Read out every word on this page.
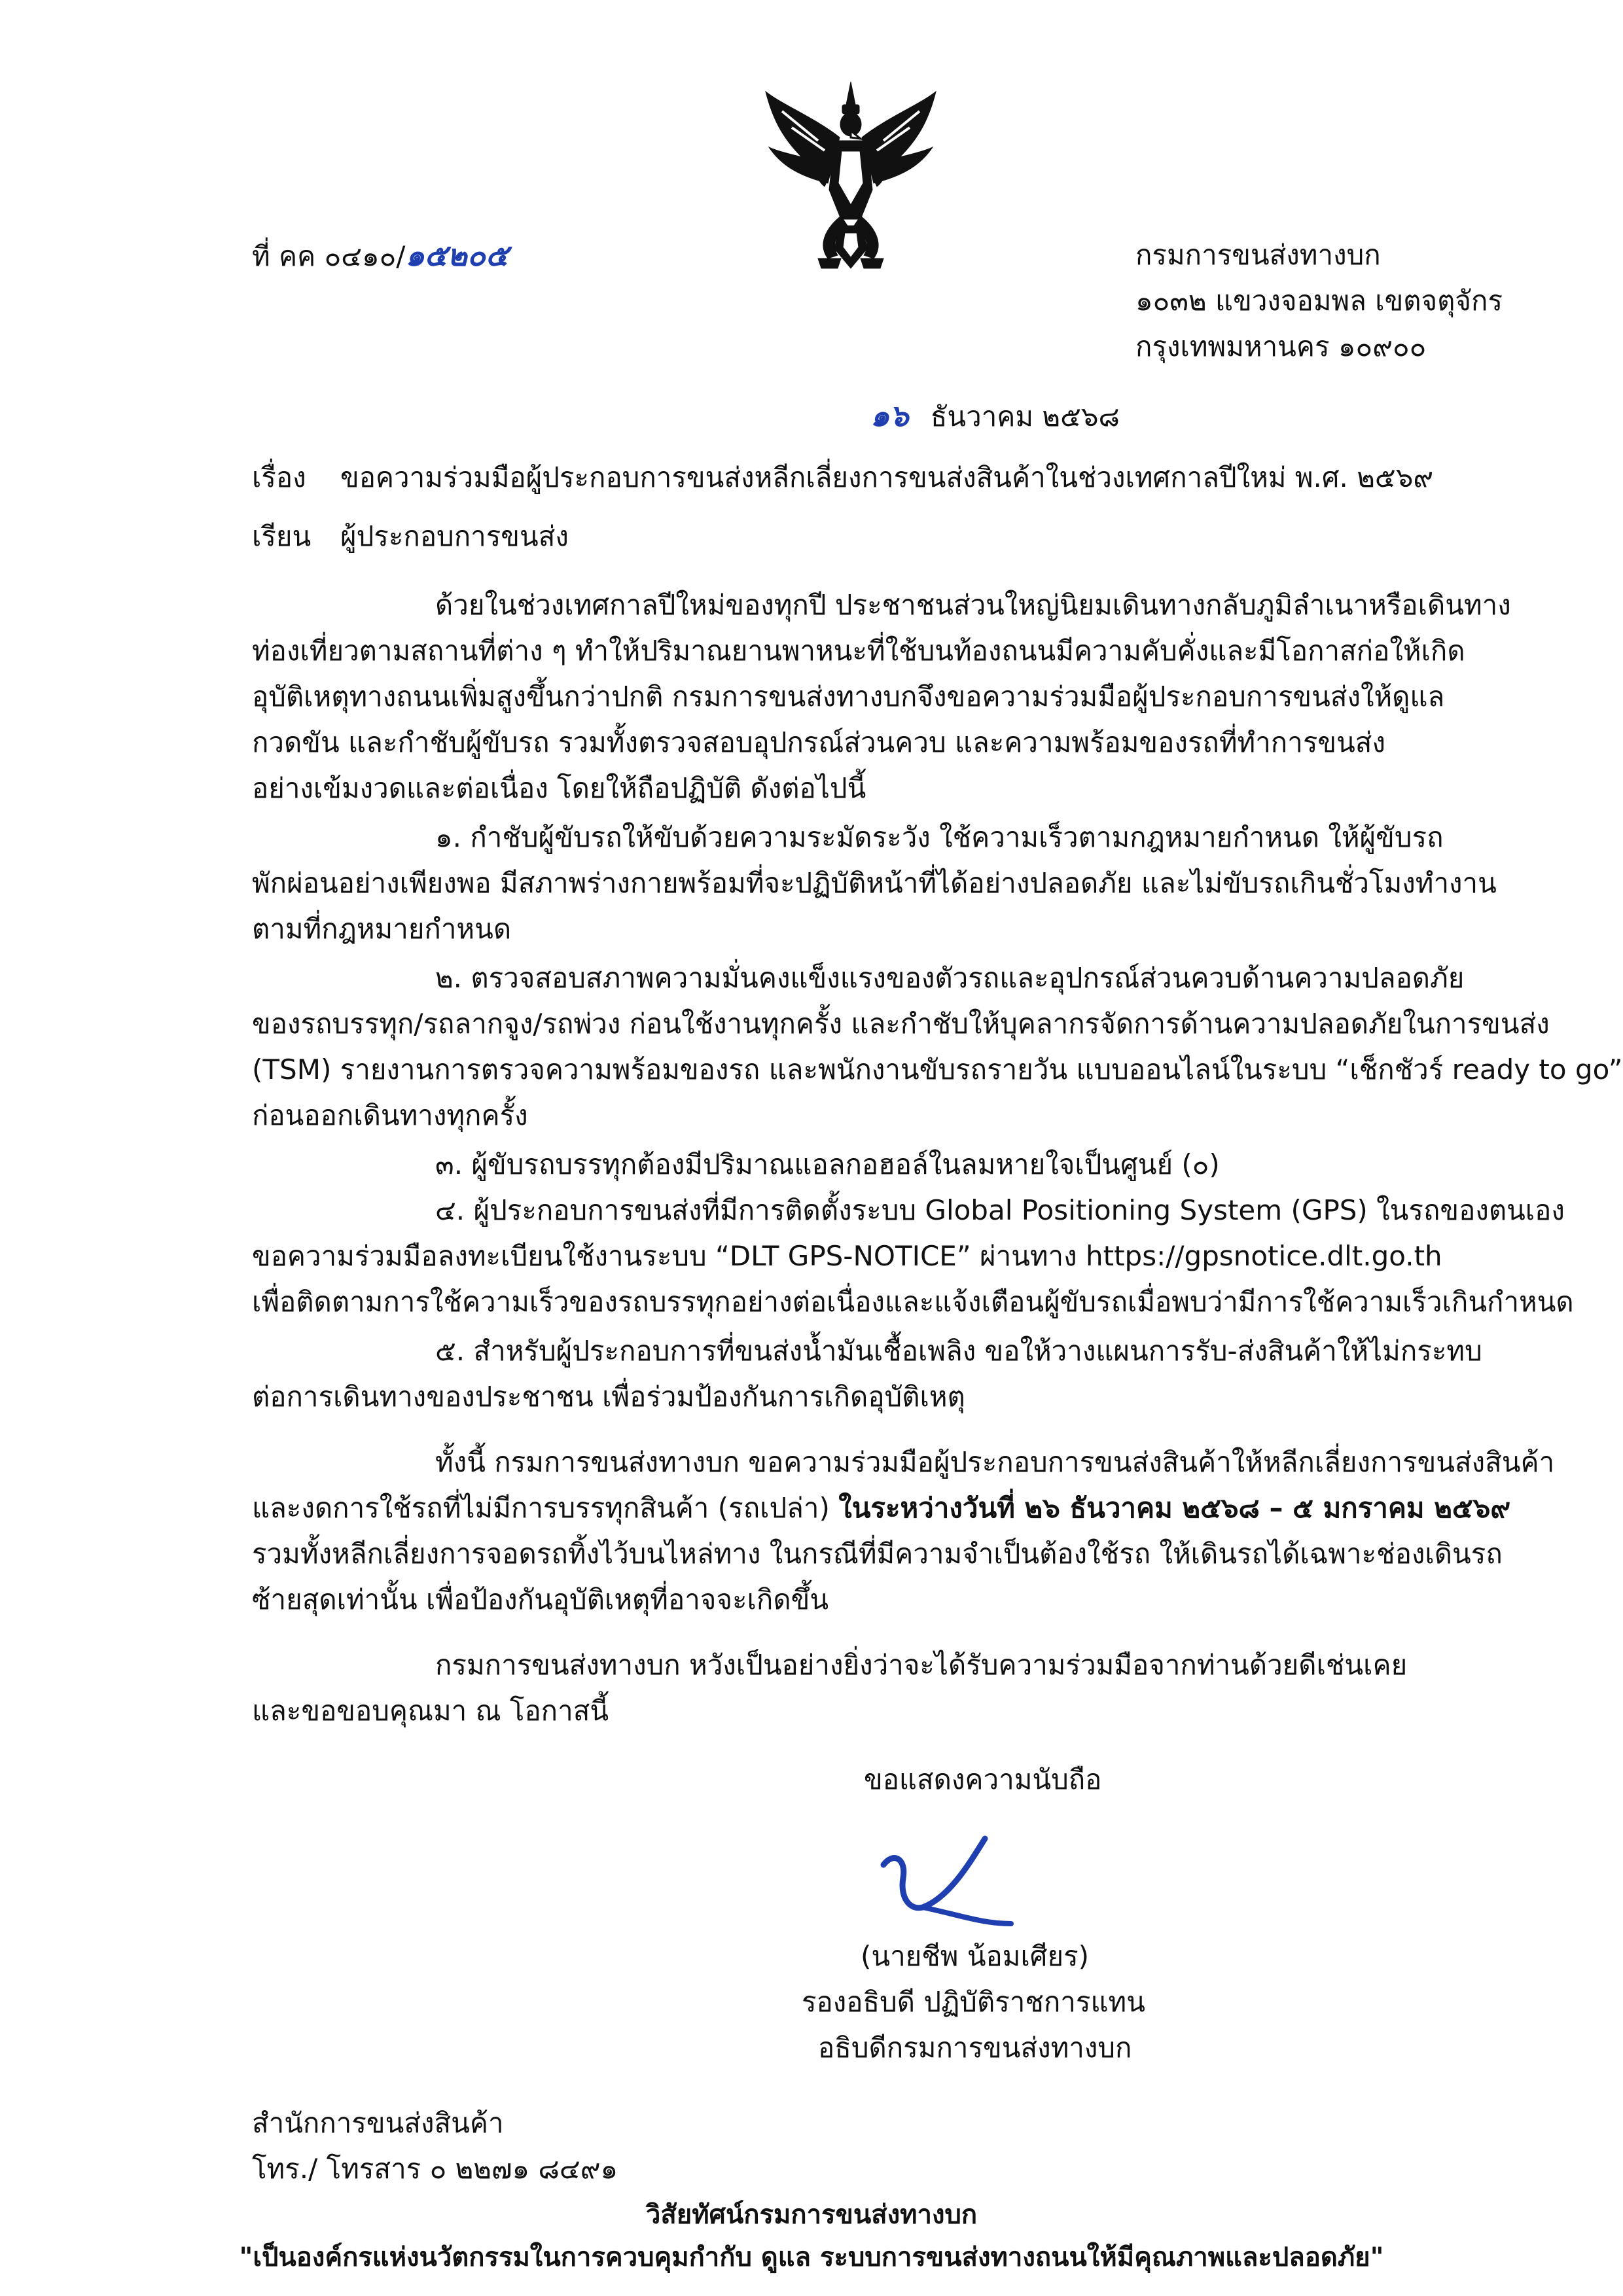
ที่ คค ๐๔๑๐/๑๕๒๐๕	กรมการขนส่งทางบก
๑๐๓๒ แขวงจอมพล เขตจตุจักร
กรุงเทพมหานคร ๑๐๙๐๐
๑๖ ธันวาคม ๒๕๖๘
เรื่อง ขอความร่วมมือผู้ประกอบการขนส่งหลีกเลี่ยงการขนส่งสินค้าในช่วงเทศกาลปีใหม่ พ.ศ. ๒๕๖๙
เรียน ผู้ประกอบการขนส่ง
ด้วยในช่วงเทศกาลปีใหม่ของทุกปี ประชาชนส่วนใหญ่นิยมเดินทางกลับภูมิลำเนาหรือเดินทาง
ท่องเที่ยวตามสถานที่ต่าง ๆ ทำให้ปริมาณยานพาหนะที่ใช้บนท้องถนนมีความคับคั่งและมีโอกาสก่อให้เกิด
อุบัติเหตุทางถนนเพิ่มสูงขึ้นกว่าปกติ กรมการขนส่งทางบกจึงขอความร่วมมือผู้ประกอบการขนส่งให้ดูแล
กวดขัน และกำชับผู้ขับรถ รวมทั้งตรวจสอบอุปกรณ์ส่วนควบ และความพร้อมของรถที่ทำการขนส่ง
อย่างเข้มงวดและต่อเนื่อง โดยให้ถือปฏิบัติ ดังต่อไปนี้
๑. กำชับผู้ขับรถให้ขับด้วยความระมัดระวัง ใช้ความเร็วตามกฎหมายกำหนด ให้ผู้ขับรถ
พักผ่อนอย่างเพียงพอ มีสภาพร่างกายพร้อมที่จะปฏิบัติหน้าที่ได้อย่างปลอดภัย และไม่ขับรถเกินชั่วโมงทำงาน
ตามที่กฎหมายกำหนด
๒. ตรวจสอบสภาพความมั่นคงแข็งแรงของตัวรถและอุปกรณ์ส่วนควบด้านความปลอดภัย
ของรถบรรทุก/รถลากจูง/รถพ่วง ก่อนใช้งานทุกครั้ง และกำชับให้บุคลากรจัดการด้านความปลอดภัยในการขนส่ง
(TSM) รายงานการตรวจความพร้อมของรถ และพนักงานขับรถรายวัน แบบออนไลน์ในระบบ “เช็กชัวร์ ready to go”
ก่อนออกเดินทางทุกครั้ง
๓. ผู้ขับรถบรรทุกต้องมีปริมาณแอลกอฮอล์ในลมหายใจเป็นศูนย์ (๐)
๔. ผู้ประกอบการขนส่งที่มีการติดตั้งระบบ Global Positioning System (GPS) ในรถของตนเอง
ขอความร่วมมือลงทะเบียนใช้งานระบบ “DLT GPS-NOTICE” ผ่านทาง https://gpsnotice.dlt.go.th
เพื่อติดตามการใช้ความเร็วของรถบรรทุกอย่างต่อเนื่องและแจ้งเตือนผู้ขับรถเมื่อพบว่ามีการใช้ความเร็วเกินกำหนด
๕. สำหรับผู้ประกอบการที่ขนส่งน้ำมันเชื้อเพลิง ขอให้วางแผนการรับ-ส่งสินค้าให้ไม่กระทบ
ต่อการเดินทางของประชาชน เพื่อร่วมป้องกันการเกิดอุบัติเหตุ
ทั้งนี้ กรมการขนส่งทางบก ขอความร่วมมือผู้ประกอบการขนส่งสินค้าให้หลีกเลี่ยงการขนส่งสินค้า
และงดการใช้รถที่ไม่มีการบรรทุกสินค้า (รถเปล่า) ในระหว่างวันที่ ๒๖ ธันวาคม ๒๕๖๘ – ๕ มกราคม ๒๕๖๙
รวมทั้งหลีกเลี่ยงการจอดรถทิ้งไว้บนไหล่ทาง ในกรณีที่มีความจำเป็นต้องใช้รถ ให้เดินรถได้เฉพาะช่องเดินรถ
ซ้ายสุดเท่านั้น เพื่อป้องกันอุบัติเหตุที่อาจจะเกิดขึ้น
กรมการขนส่งทางบก หวังเป็นอย่างยิ่งว่าจะได้รับความร่วมมือจากท่านด้วยดีเช่นเคย
และขอขอบคุณมา ณ โอกาสนี้
ขอแสดงความนับถือ
(นายชีพ น้อมเศียร)
รองอธิบดี ปฏิบัติราชการแทน
อธิบดีกรมการขนส่งทางบก
สำนักการขนส่งสินค้า
โทร./ โทรสาร ๐ ๒๒๗๑ ๘๔๙๑
วิสัยทัศน์กรมการขนส่งทางบก
"เป็นองค์กรแห่งนวัตกรรมในการควบคุมกำกับ ดูแล ระบบการขนส่งทางถนนให้มีคุณภาพและปลอดภัย"
